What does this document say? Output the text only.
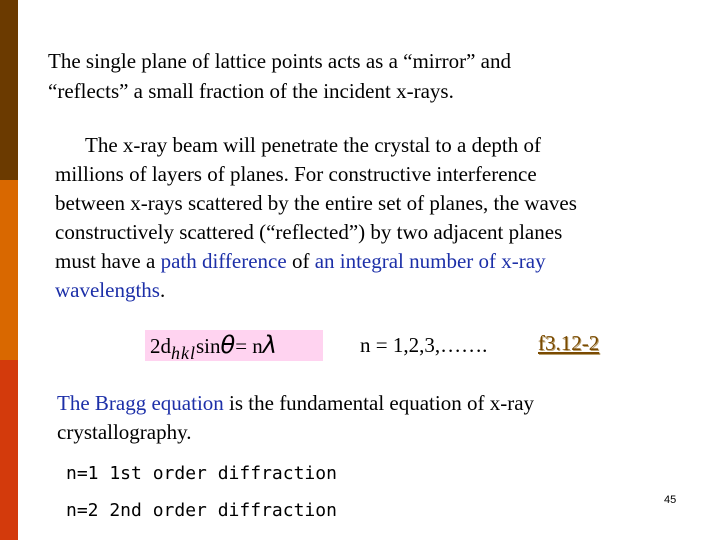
The single plane of lattice points acts as a “mirror” and
“reflects” a small fraction of the incident x-rays.
The x-ray beam will penetrate the crystal to a depth of
millions of layers of planes. For constructive interference
between x-rays scattered by the entire set of planes, the waves
constructively scattered (“reflected”) by two adjacent planes
must have a path difference of an integral number of x-ray
wavelengths.
2dhklsinθ= nλ	n = 1,2,3,……. f3.12-2
The Bragg equation is the fundamental equation of x-ray
crystallography.
n=1 1st order diffraction
n=2 2nd order diffraction	45
